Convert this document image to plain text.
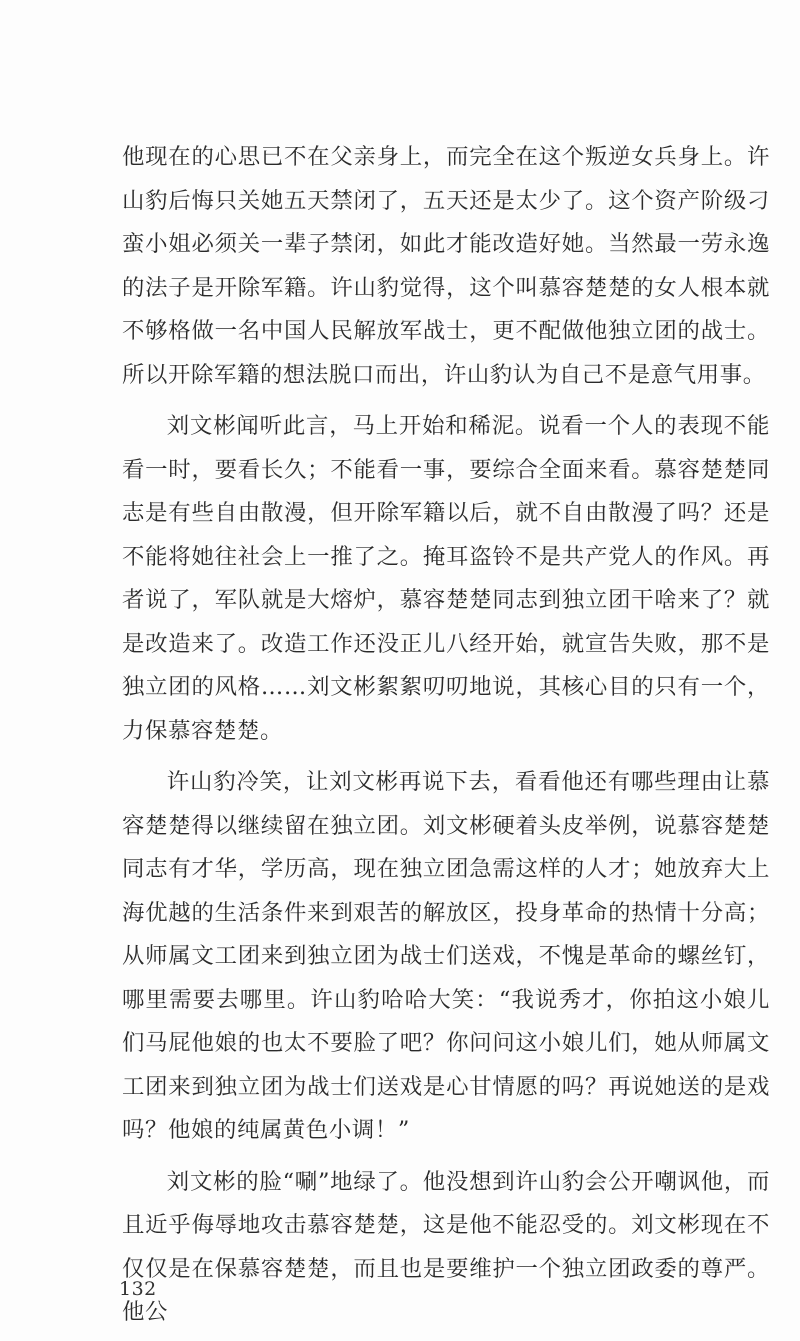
他现在的心思已不在父亲身上，而完全在这个叛逆女兵身上。许山豹后悔只关她五天禁闭了，五天还是太少了。这个资产阶级刁蛮小姐必须关一辈子禁闭，如此才能改造好她。当然最一劳永逸的法子是开除军籍。许山豹觉得，这个叫慕容楚楚的女人根本就不够格做一名中国人民解放军战士，更不配做他独立团的战士。所以开除军籍的想法脱口而出，许山豹认为自己不是意气用事。

刘文彬闻听此言，马上开始和稀泥。说看一个人的表现不能看一时，要看长久；不能看一事，要综合全面来看。慕容楚楚同志是有些自由散漫，但开除军籍以后，就不自由散漫了吗？还是不能将她往社会上一推了之。掩耳盗铃不是共产党人的作风。再者说了，军队就是大熔炉，慕容楚楚同志到独立团干啥来了？就是改造来了。改造工作还没正儿八经开始，就宣告失败，那不是独立团的风格……刘文彬絮絮叨叨地说，其核心目的只有一个，力保慕容楚楚。

许山豹冷笑，让刘文彬再说下去，看看他还有哪些理由让慕容楚楚得以继续留在独立团。刘文彬硬着头皮举例，说慕容楚楚同志有才华，学历高，现在独立团急需这样的人才；她放弃大上海优越的生活条件来到艰苦的解放区，投身革命的热情十分高；从师属文工团来到独立团为战士们送戏，不愧是革命的螺丝钉，哪里需要去哪里。许山豹哈哈大笑：“我说秀才，你拍这小娘儿们马屁他娘的也太不要脸了吧？你问问这小娘儿们，她从师属文工团来到独立团为战士们送戏是心甘情愿的吗？再说她送的是戏吗？他娘的纯属黄色小调！”

刘文彬的脸“唰”地绿了。他没想到许山豹会公开嘲讽他，而且近乎侮辱地攻击慕容楚楚，这是他不能忍受的。刘文彬现在不仅仅是在保慕容楚楚，而且也是要维护一个独立团政委的尊严。他公

132
